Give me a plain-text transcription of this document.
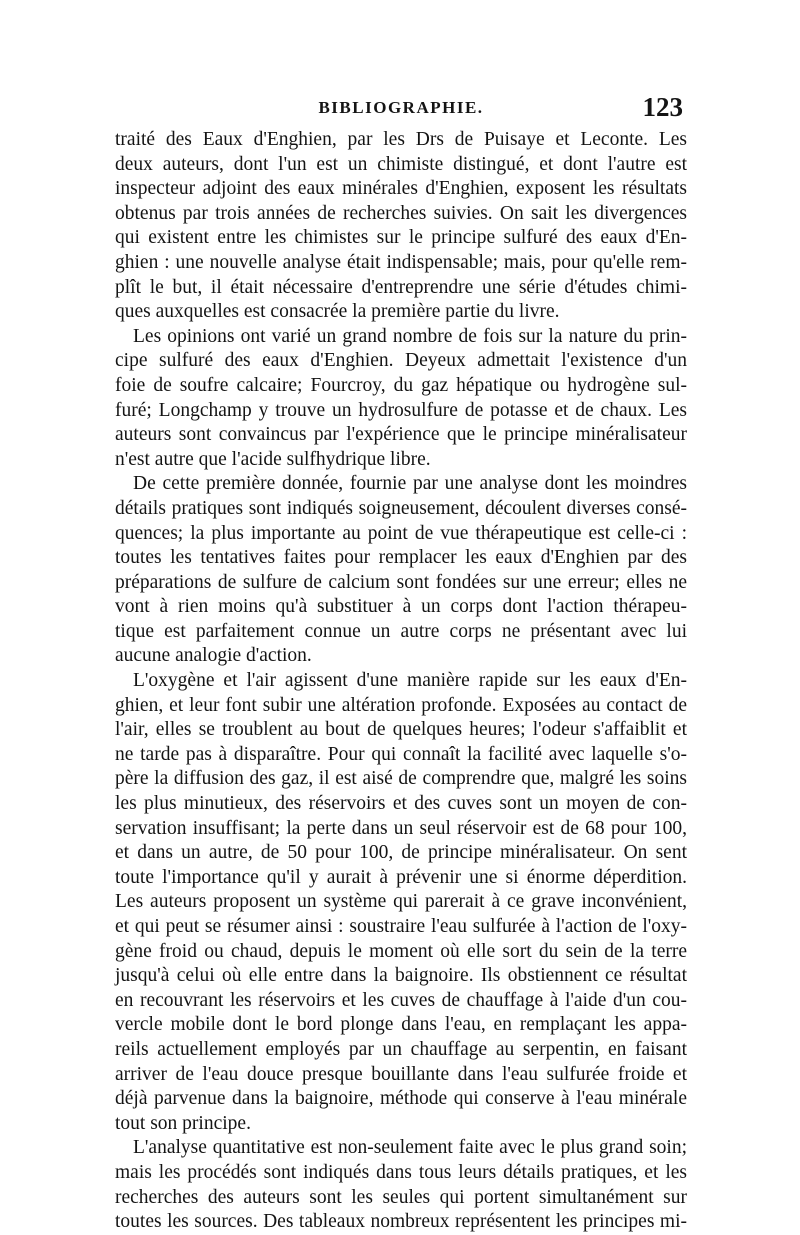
BIBLIOGRAPHIE.	123
traité des Eaux d'Enghien, par les Drs de Puisaye et Leconte. Les
deux auteurs, dont l'un est un chimiste distingué, et dont l'autre est
inspecteur adjoint des eaux minérales d'Enghien, exposent les résultats
obtenus par trois années de recherches suivies. On sait les divergences
qui existent entre les chimistes sur le principe sulfuré des eaux d'En-
ghien : une nouvelle analyse était indispensable; mais, pour qu'elle rem-
plît le but, il était nécessaire d'entreprendre une série d'études chimi-
ques auxquelles est consacrée la première partie du livre.
Les opinions ont varié un grand nombre de fois sur la nature du prin-
cipe sulfuré des eaux d'Enghien. Deyeux admettait l'existence d'un
foie de soufre calcaire; Fourcroy, du gaz hépatique ou hydrogène sul-
furé; Longchamp y trouve un hydrosulfure de potasse et de chaux. Les
auteurs sont convaincus par l'expérience que le principe minéralisateur
n'est autre que l'acide sulfhydrique libre.
De cette première donnée, fournie par une analyse dont les moindres
détails pratiques sont indiqués soigneusement, découlent diverses consé-
quences; la plus importante au point de vue thérapeutique est celle-ci :
toutes les tentatives faites pour remplacer les eaux d'Enghien par des
préparations de sulfure de calcium sont fondées sur une erreur; elles ne
vont à rien moins qu'à substituer à un corps dont l'action thérapeu-
tique est parfaitement connue un autre corps ne présentant avec lui
aucune analogie d'action.
L'oxygène et l'air agissent d'une manière rapide sur les eaux d'En-
ghien, et leur font subir une altération profonde. Exposées au contact de
l'air, elles se troublent au bout de quelques heures; l'odeur s'affaiblit et
ne tarde pas à disparaître. Pour qui connaît la facilité avec laquelle s'o-
père la diffusion des gaz, il est aisé de comprendre que, malgré les soins
les plus minutieux, des réservoirs et des cuves sont un moyen de con-
servation insuffisant; la perte dans un seul réservoir est de 68 pour 100,
et dans un autre, de 50 pour 100, de principe minéralisateur. On sent
toute l'importance qu'il y aurait à prévenir une si énorme déperdition.
Les auteurs proposent un système qui parerait à ce grave inconvénient,
et qui peut se résumer ainsi : soustraire l'eau sulfurée à l'action de l'oxy-
gène froid ou chaud, depuis le moment où elle sort du sein de la terre
jusqu'à celui où elle entre dans la baignoire. Ils obstiennent ce résultat
en recouvrant les réservoirs et les cuves de chauffage à l'aide d'un cou-
vercle mobile dont le bord plonge dans l'eau, en remplaçant les appa-
reils actuellement employés par un chauffage au serpentin, en faisant
arriver de l'eau douce presque bouillante dans l'eau sulfurée froide et
déjà parvenue dans la baignoire, méthode qui conserve à l'eau minérale
tout son principe.
L'analyse quantitative est non-seulement faite avec le plus grand soin;
mais les procédés sont indiqués dans tous leurs détails pratiques, et les
recherches des auteurs sont les seules qui portent simultanément sur
toutes les sources. Des tableaux nombreux représentent les principes mi-
